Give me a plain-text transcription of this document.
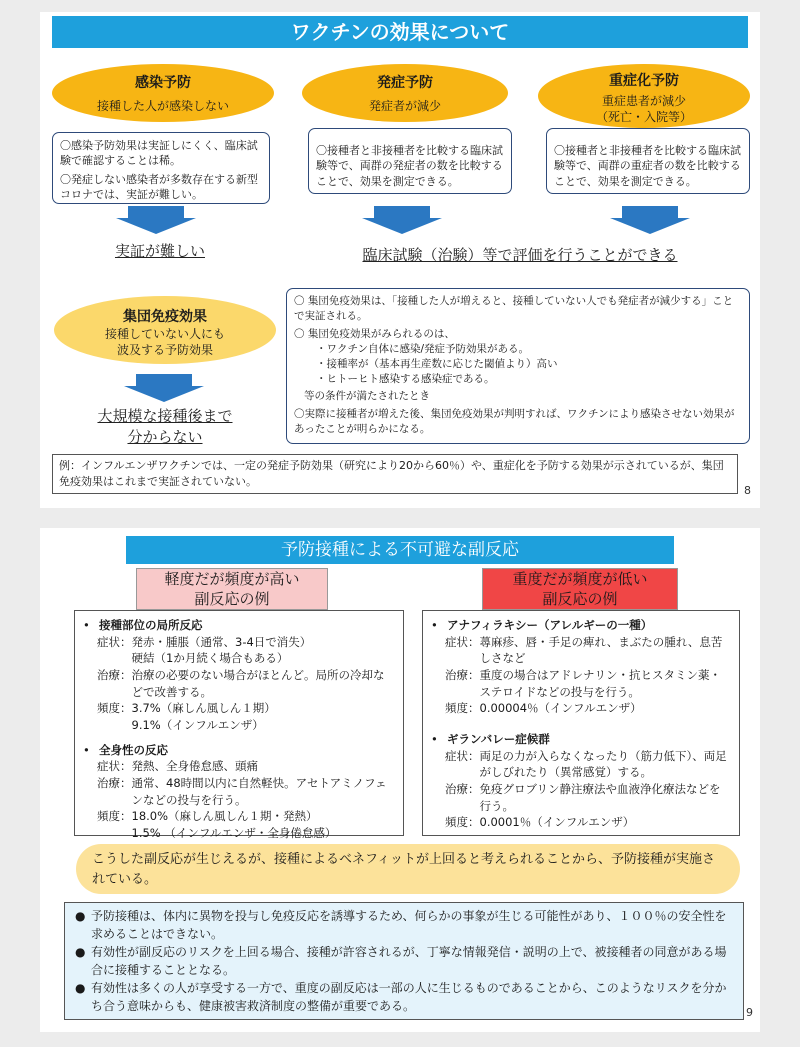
ワクチンの効果について
感染予防
接種した人が感染しない
発症予防
発症者が減少
重症化予防
重症患者が減少
（死亡・入院等）
〇感染予防効果は実証しにくく、臨床試験で確認することは稀。
〇発症しない感染者が多数存在する新型コロナでは、実証が難しい。
〇接種者と非接種者を比較する臨床試験等で、両群の発症者の数を比較することで、効果を測定できる。
〇接種者と非接種者を比較する臨床試験等で、両群の重症者の数を比較することで、効果を測定できる。
実証が難しい	臨床試験（治験）等で評価を行うことができる
集団免疫効果
接種していない人にも
波及する予防効果
大規模な接種後まで
分からない
〇 集団免疫効果は、「接種した人が増えると、接種していない人でも発症者が減少する」ことで実証される。
〇 集団免疫効果がみられるのは、
・ワクチン自体に感染/発症予防効果がある。
・接種率が（基本再生産数に応じた閾値より）高い
・ヒトーヒト感染する感染症である。
等の条件が満たされたとき
〇実際に接種者が増えた後、集団免疫効果が判明すれば、ワクチンにより感染させない効果があったことが明らかになる。
例：インフルエンザワクチンでは、一定の発症予防効果（研究により20から60％）や、重症化を予防する効果が示されているが、集団免疫効果はこれまで実証されていない。
8
予防接種による不可避な副反応
軽度だが頻度が高い
副反応の例
重度だが頻度が低い
副反応の例
• 接種部位の局所反応
症状： 発赤・腫脹（通常、3-4日で消失）
硬結（1か月続く場合もある）
治療： 治療の必要のない場合がほとんど。局所の冷却などで改善する。
頻度： 3.7%（麻しん風しん１期）
9.1%（インフルエンザ）
• 全身性の反応
症状： 発熱、全身倦怠感、頭痛
治療： 通常、48時間以内に自然軽快。アセトアミノフェンなどの投与を行う。
頻度： 18.0%（麻しん風しん１期・発熱）
1.5% （インフルエンザ・全身倦怠感）
• アナフィラキシー（アレルギーの一種）
症状： 蕁麻疹、唇・手足の痺れ、まぶたの腫れ、息苦しさなど
治療： 重度の場合はアドレナリン・抗ヒスタミン薬・ステロイドなどの投与を行う。
頻度： 0.00004％（インフルエンザ）
• ギランバレー症候群
症状： 両足の力が入らなくなったり（筋力低下）、両足がしびれたり（異常感覚）する。
治療： 免疫グロブリン静注療法や血液浄化療法などを行う。
頻度： 0.0001％（インフルエンザ）
こうした副反応が生じえるが、接種によるベネフィットが上回ると考えられることから、予防接種が実施されている。
● 予防接種は、体内に異物を投与し免疫反応を誘導するため、何らかの事象が生じる可能性があり、１００％の安全性を求めることはできない。
● 有効性が副反応のリスクを上回る場合、接種が許容されるが、丁寧な情報発信・説明の上で、被接種者の同意がある場合に接種することとなる。
● 有効性は多くの人が享受する一方で、重度の副反応は一部の人に生じるものであることから、このようなリスクを分かち合う意味からも、健康被害救済制度の整備が重要である。	9
